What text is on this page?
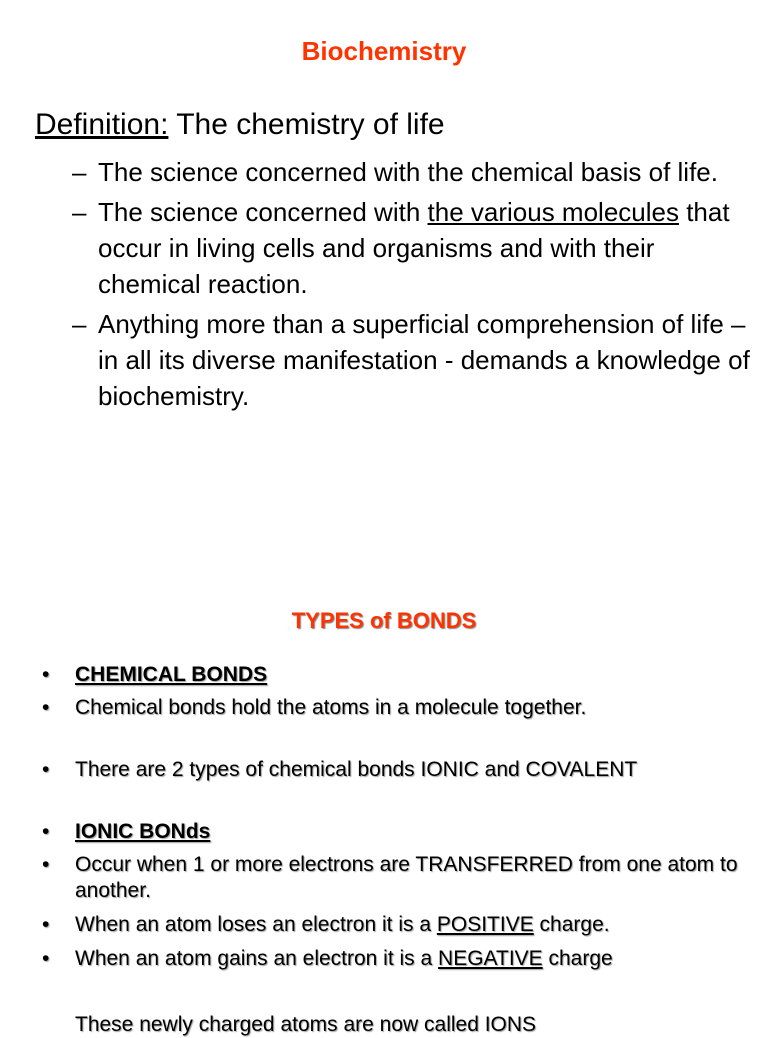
Biochemistry

Definition: The chemistry of life

– The science concerned with the chemical basis of life.
– The science concerned with the various molecules that occur in living cells and organisms and with their chemical reaction.
– Anything more than a superficial comprehension of life – in all its diverse manifestation - demands a knowledge of biochemistry.
TYPES of BONDS
• CHEMICAL BONDS
• Chemical bonds hold the atoms in a molecule together.
• There are 2 types of chemical bonds IONIC and COVALENT
• IONIC BONds
• Occur when 1 or more electrons are TRANSFERRED from one atom to another.
• When an atom loses an electron it is a POSITIVE charge.
• When an atom gains an electron it is a NEGATIVE charge
These newly charged atoms are now called IONS
